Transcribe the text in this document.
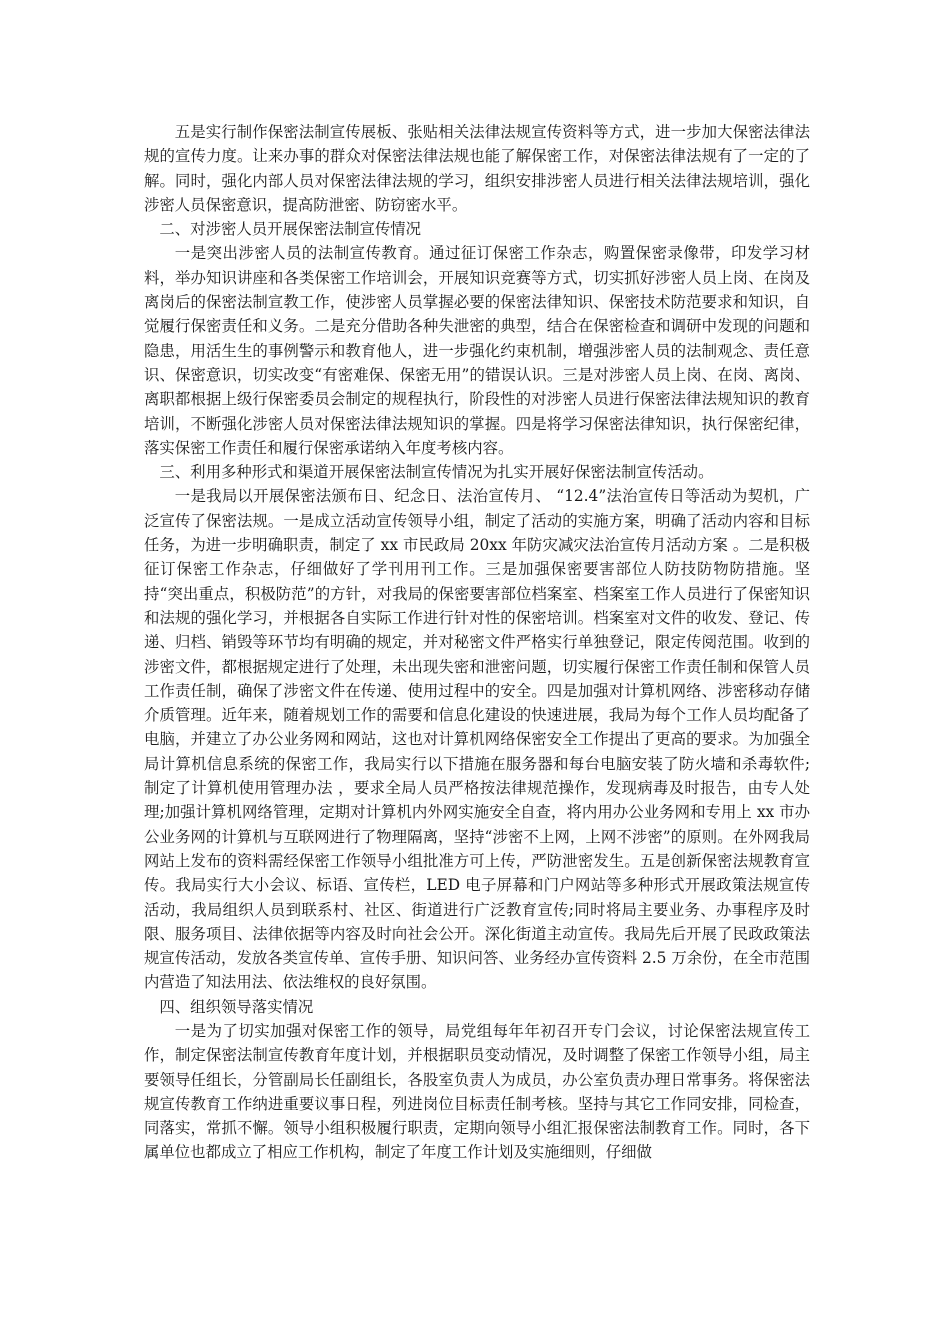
五是实行制作保密法制宣传展板、张贴相关法律法规宣传资料等方式，进一步加大保密法律法规的宣传力度。让来办事的群众对保密法律法规也能了解保密工作，对保密法律法规有了一定的了解。同时，强化内部人员对保密法律法规的学习，组织安排涉密人员进行相关法律法规培训，强化涉密人员保密意识，提高防泄密、防窃密水平。

二、对涉密人员开展保密法制宣传情况

一是突出涉密人员的法制宣传教育。通过征订保密工作杂志，购置保密录像带，印发学习材料，举办知识讲座和各类保密工作培训会，开展知识竞赛等方式，切实抓好涉密人员上岗、在岗及离岗后的保密法制宣教工作，使涉密人员掌握必要的保密法律知识、保密技术防范要求和知识，自觉履行保密责任和义务。二是充分借助各种失泄密的典型，结合在保密检查和调研中发现的问题和隐患，用活生生的事例警示和教育他人，进一步强化约束机制，增强涉密人员的法制观念、责任意识、保密意识，切实改变“有密难保、保密无用”的错误认识。三是对涉密人员上岗、在岗、离岗、离职都根据上级行保密委员会制定的规程执行，阶段性的对涉密人员进行保密法律法规知识的教育培训，不断强化涉密人员对保密法律法规知识的掌握。四是将学习保密法律知识，执行保密纪律，落实保密工作责任和履行保密承诺纳入年度考核内容。

三、利用多种形式和渠道开展保密法制宣传情况为扎实开展好保密法制宣传活动。

一是我局以开展保密法颁布日、纪念日、法治宣传月、 “12.4”法治宣传日等活动为契机，广泛宣传了保密法规。一是成立活动宣传领导小组，制定了活动的实施方案，明确了活动内容和目标任务，为进一步明确职责，制定了 xx 市民政局 20xx 年防灾减灾法治宣传月活动方案 。二是积极征订保密工作杂志，仔细做好了学刊用刊工作。三是加强保密要害部位人防技防物防措施。坚持“突出重点，积极防范”的方针，对我局的保密要害部位档案室、档案室工作人员进行了保密知识和法规的强化学习，并根据各自实际工作进行针对性的保密培训。档案室对文件的收发、登记、传递、归档、销毁等环节均有明确的规定，并对秘密文件严格实行单独登记，限定传阅范围。收到的涉密文件，都根据规定进行了处理，未出现失密和泄密问题，切实履行保密工作责任制和保管人员工作责任制，确保了涉密文件在传递、使用过程中的安全。四是加强对计算机网络、涉密移动存储介质管理。近年来，随着规划工作的需要和信息化建设的快速进展，我局为每个工作人员均配备了电脑，并建立了办公业务网和网站，这也对计算机网络保密安全工作提出了更高的要求。为加强全局计算机信息系统的保密工作，我局实行以下措施在服务器和每台电脑安装了防火墙和杀毒软件;制定了计算机使用管理办法 ，要求全局人员严格按法律规范操作，发现病毒及时报告，由专人处理;加强计算机网络管理，定期对计算机内外网实施安全自查，将内用办公业务网和专用上 xx 市办公业务网的计算机与互联网进行了物理隔离，坚持“涉密不上网，上网不涉密”的原则。在外网我局网站上发布的资料需经保密工作领导小组批准方可上传，严防泄密发生。五是创新保密法规教育宣传。我局实行大小会议、标语、宣传栏，LED 电子屏幕和门户网站等多种形式开展政策法规宣传活动，我局组织人员到联系村、社区、街道进行广泛教育宣传;同时将局主要业务、办事程序及时限、服务项目、法律依据等内容及时向社会公开。深化街道主动宣传。我局先后开展了民政政策法规宣传活动，发放各类宣传单、宣传手册、知识问答、业务经办宣传资料 2.5 万余份，在全市范围内营造了知法用法、依法维权的良好氛围。

四、组织领导落实情况

一是为了切实加强对保密工作的领导，局党组每年年初召开专门会议，讨论保密法规宣传工作，制定保密法制宣传教育年度计划，并根据职员变动情况，及时调整了保密工作领导小组，局主要领导任组长，分管副局长任副组长，各股室负责人为成员，办公室负责办理日常事务。将保密法规宣传教育工作纳进重要议事日程，列进岗位目标责任制考核。坚持与其它工作同安排，同检查，同落实，常抓不懈。领导小组积极履行职责，定期向领导小组汇报保密法制教育工作。同时，各下属单位也都成立了相应工作机构，制定了年度工作计划及实施细则，仔细做
